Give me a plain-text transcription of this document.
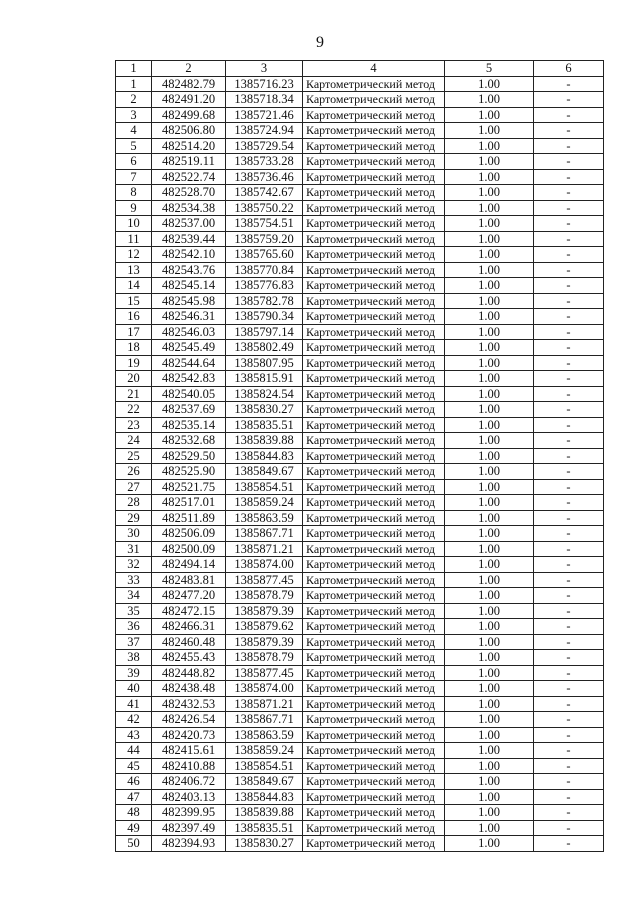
9
1	2	3	4	5	6
1	482482.79	1385716.23	Картометрический метод	1.00	-
2	482491.20	1385718.34	Картометрический метод	1.00	-
3	482499.68	1385721.46	Картометрический метод	1.00	-
4	482506.80	1385724.94	Картометрический метод	1.00	-
5	482514.20	1385729.54	Картометрический метод	1.00	-
6	482519.11	1385733.28	Картометрический метод	1.00	-
7	482522.74	1385736.46	Картометрический метод	1.00	-
8	482528.70	1385742.67	Картометрический метод	1.00	-
9	482534.38	1385750.22	Картометрический метод	1.00	-
10	482537.00	1385754.51	Картометрический метод	1.00	-
11	482539.44	1385759.20	Картометрический метод	1.00	-
12	482542.10	1385765.60	Картометрический метод	1.00	-
13	482543.76	1385770.84	Картометрический метод	1.00	-
14	482545.14	1385776.83	Картометрический метод	1.00	-
15	482545.98	1385782.78	Картометрический метод	1.00	-
16	482546.31	1385790.34	Картометрический метод	1.00	-
17	482546.03	1385797.14	Картометрический метод	1.00	-
18	482545.49	1385802.49	Картометрический метод	1.00	-
19	482544.64	1385807.95	Картометрический метод	1.00	-
20	482542.83	1385815.91	Картометрический метод	1.00	-
21	482540.05	1385824.54	Картометрический метод	1.00	-
22	482537.69	1385830.27	Картометрический метод	1.00	-
23	482535.14	1385835.51	Картометрический метод	1.00	-
24	482532.68	1385839.88	Картометрический метод	1.00	-
25	482529.50	1385844.83	Картометрический метод	1.00	-
26	482525.90	1385849.67	Картометрический метод	1.00	-
27	482521.75	1385854.51	Картометрический метод	1.00	-
28	482517.01	1385859.24	Картометрический метод	1.00	-
29	482511.89	1385863.59	Картометрический метод	1.00	-
30	482506.09	1385867.71	Картометрический метод	1.00	-
31	482500.09	1385871.21	Картометрический метод	1.00	-
32	482494.14	1385874.00	Картометрический метод	1.00	-
33	482483.81	1385877.45	Картометрический метод	1.00	-
34	482477.20	1385878.79	Картометрический метод	1.00	-
35	482472.15	1385879.39	Картометрический метод	1.00	-
36	482466.31	1385879.62	Картометрический метод	1.00	-
37	482460.48	1385879.39	Картометрический метод	1.00	-
38	482455.43	1385878.79	Картометрический метод	1.00	-
39	482448.82	1385877.45	Картометрический метод	1.00	-
40	482438.48	1385874.00	Картометрический метод	1.00	-
41	482432.53	1385871.21	Картометрический метод	1.00	-
42	482426.54	1385867.71	Картометрический метод	1.00	-
43	482420.73	1385863.59	Картометрический метод	1.00	-
44	482415.61	1385859.24	Картометрический метод	1.00	-
45	482410.88	1385854.51	Картометрический метод	1.00	-
46	482406.72	1385849.67	Картометрический метод	1.00	-
47	482403.13	1385844.83	Картометрический метод	1.00	-
48	482399.95	1385839.88	Картометрический метод	1.00	-
49	482397.49	1385835.51	Картометрический метод	1.00	-
50	482394.93	1385830.27	Картометрический метод	1.00	-
